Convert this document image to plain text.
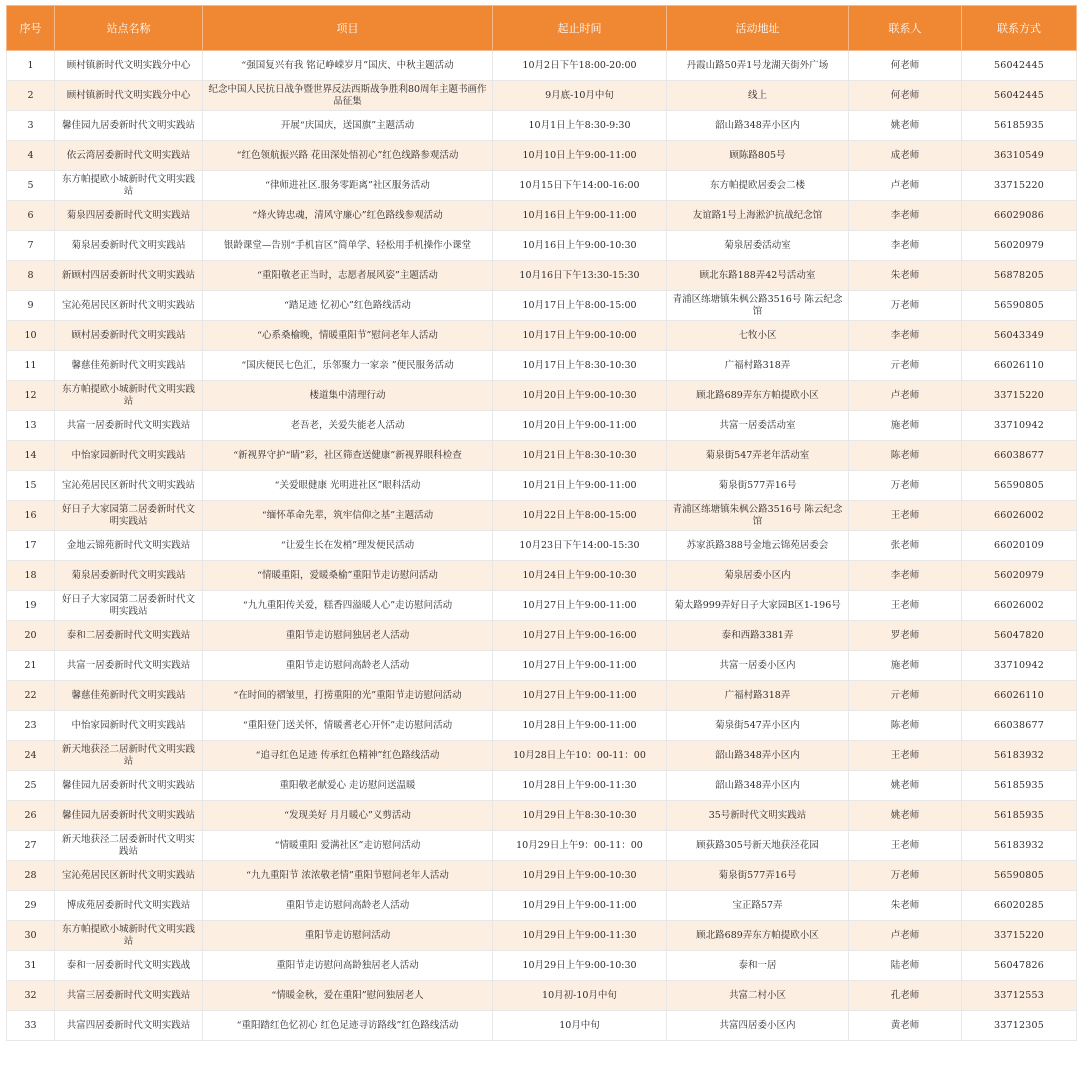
序号	站点名称	项目	起止时间	活动地址	联系人	联系方式
1	顾村镇新时代文明实践分中心	“强国复兴有我 铭记峥嵘岁月”国庆、中秋主题活动	10月2日下午18:00-20:00	丹霞山路50弄1号龙湖天街外广场	何老师	56042445
2	顾村镇新时代文明实践分中心	纪念中国人民抗日战争暨世界反法西斯战争胜利80周年主题书画作品征集	9月底-10月中旬	线上	何老师	56042445
3	馨佳园九居委新时代文明实践站	开展“庆国庆，送国旗”主题活动	10月1日上午8:30-9:30	韶山路348弄小区内	姚老师	56185935
4	依云湾居委新时代文明实践站	“红色领航振兴路 花田深处悟初心”红色线路参观活动	10月10日上午9:00-11:00	顾陈路805号	成老师	36310549
5	东方帕提欧小城新时代文明实践站	“律师进社区.服务零距离”社区服务活动	10月15日下午14:00-16:00	东方帕提欧居委会二楼	卢老师	33715220
6	菊泉四居委新时代文明实践站	“烽火铸忠魂，清风守廉心”红色路线参观活动	10月16日上午9:00-11:00	友谊路1号上海淞沪抗战纪念馆	李老师	66029086
7	菊泉居委新时代文明实践站	银龄课堂—告别“手机盲区”简单学、轻松用手机操作小课堂	10月16日上午9:00-10:30	菊泉居委活动室	李老师	56020979
8	新顾村四居委新时代文明实践站	“重阳敬老正当时，志愿者展风姿”主题活动	10月16日下午13:30-15:30	顾北东路188弄42号活动室	朱老师	56878205
9	宝沁苑居民区新时代文明实践站	“踏足迹 忆初心”红色路线活动	10月17日上午8:00-15:00	青浦区练塘镇朱枫公路3516号 陈云纪念馆	万老师	56590805
10	顾村居委新时代文明实践站	“心系桑榆晚，情暖重阳节”慰问老年人活动	10月17日上午9:00-10:00	七牧小区	李老师	56043349
11	馨慈佳苑新时代文明实践站	“国庆便民七色汇，乐邻聚力一家亲 ”便民服务活动	10月17日上午8:30-10:30	广福村路318弄	亓老师	66026110
12	东方帕提欧小城新时代文明实践站	楼道集中清理行动	10月20日上午9:00-10:30	顾北路689弄东方帕提欧小区	卢老师	33715220
13	共富一居委新时代文明实践站	老吾老，关爱失能老人活动	10月20日上午9:00-11:00	共富一居委活动室	施老师	33710942
14	中怡家园新时代文明实践站	“新视界守护“睛”彩，社区筛查送健康”新视界眼科检查	10月21日上午8:30-10:30	菊泉街547弄老年活动室	陈老师	66038677
15	宝沁苑居民区新时代文明实践站	“关爱眼健康 光明进社区”眼科活动	10月21日上午9:00-11:00	菊泉街577弄16号	万老师	56590805
16	好日子大家园第二居委新时代文明实践站	“缅怀革命先辈，筑牢信仰之基”主题活动	10月22日上午8:00-15:00	青浦区练塘镇朱枫公路3516号 陈云纪念馆	王老师	66026002
17	金地云锦苑新时代文明实践站	“让爱生长在发梢”理发便民活动	10月23日下午14:00-15:30	苏家浜路388号金地云锦苑居委会	张老师	66020109
18	菊泉居委新时代文明实践站	“情暖重阳，爱暖桑榆”重阳节走访慰问活动	10月24日上午9:00-10:30	菊泉居委小区内	李老师	56020979
19	好日子大家园第二居委新时代文明实践站	“九九重阳传关爱，糕香四溢暖人心”走访慰问活动	10月27日上午9:00-11:00	菊太路999弄好日子大家园B区1-196号	王老师	66026002
20	泰和二居委新时代文明实践站	重阳节走访慰问独居老人活动	10月27日上午9:00-16:00	泰和西路3381弄	罗老师	56047820
21	共富一居委新时代文明实践站	重阳节走访慰问高龄老人活动	10月27日上午9:00-11:00	共富一居委小区内	施老师	33710942
22	馨慈佳苑新时代文明实践站	“在时间的褶皱里，打捞重阳的光”重阳节走访慰问活动	10月27日上午9:00-11:00	广福村路318弄	亓老师	66026110
23	中怡家园新时代文明实践站	“重阳登门送关怀，情暖耆老心开怀”走访慰问活动	10月28日上午9:00-11:00	菊泉街547弄小区内	陈老师	66038677
24	新天地获泾二居新时代文明实践站	“追寻红色足迹 传承红色精神”红色路线活动	10月28日上午10：00-11：00	韶山路348弄小区内	王老师	56183932
25	馨佳园九居委新时代文明实践站	重阳敬老献爱心 走访慰问送温暖	10月28日上午9:00-11:30	韶山路348弄小区内	姚老师	56185935
26	馨佳园九居委新时代文明实践站	“发现美好 月月暖心”义剪活动	10月29日上午8:30-10:30	35号新时代文明实践站	姚老师	56185935
27	新天地获泾二居委新时代文明实践站	“情暖重阳 爱满社区”走访慰问活动	10月29日上午9：00-11：00	顾荻路305号新天地获泾花园	王老师	56183932
28	宝沁苑居民区新时代文明实践站	“九九重阳节 浓浓敬老情”重阳节慰问老年人活动	10月29日上午9:00-10:30	菊泉街577弄16号	万老师	56590805
29	博成苑居委新时代文明实践站	重阳节走访慰问高龄老人活动	10月29日上午9:00-11:00	宝正路57弄	朱老师	66020285
30	东方帕提欧小城新时代文明实践站	重阳节走访慰问活动	10月29日上午9:00-11:30	顾北路689弄东方帕提欧小区	卢老师	33715220
31	泰和一居委新时代文明实践战	重阳节走访慰问高龄独居老人活动	10月29日上午9:00-10:30	泰和一居	陆老师	56047826
32	共富三居委新时代文明实践站	“情暖金秋，爱在重阳”慰问独居老人	10月初-10月中旬	共富二村小区	孔老师	33712553
33	共富四居委新时代文明实践站	“重阳踏红色忆初心 红色足迹寻访路线”红色路线活动	10月中旬	共富四居委小区内	黄老师	33712305
